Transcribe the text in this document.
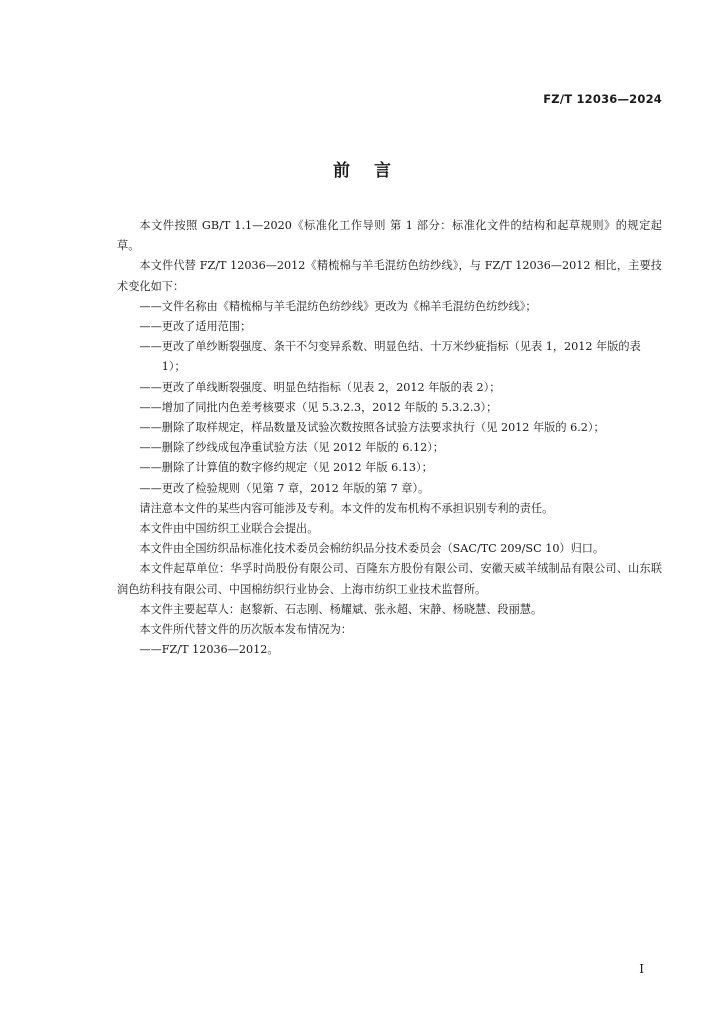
FZ/T 12036—2024
前言

本文件按照 GB/T 1.1—2020《标准化工作导则 第 1 部分：标准化文件的结构和起草规则》的规定起草。

本文件代替 FZ/T 12036—2012《精梳棉与羊毛混纺色纺纱线》，与 FZ/T 12036—2012 相比，主要技术变化如下：

——文件名称由《精梳棉与羊毛混纺色纺纱线》更改为《棉羊毛混纺色纺纱线》；

——更改了适用范围；

——更改了单纱断裂强度、条干不匀变异系数、明显色结、十万米纱疵指标（见表 1，2012 年版的表 1）；

——更改了单线断裂强度、明显色结指标（见表 2，2012 年版的表 2）；

——增加了同批内色差考核要求（见 5.3.2.3，2012 年版的 5.3.2.3）；

——删除了取样规定，样品数量及试验次数按照各试验方法要求执行（见 2012 年版的 6.2）；

——删除了纱线成包净重试验方法（见 2012 年版的 6.12）；

——删除了计算值的数字修约规定（见 2012 年版 6.13）；

——更改了检验规则（见第 7 章，2012 年版的第 7 章）。

请注意本文件的某些内容可能涉及专利。本文件的发布机构不承担识别专利的责任。

本文件由中国纺织工业联合会提出。

本文件由全国纺织品标准化技术委员会棉纺织品分技术委员会（SAC/TC 209/SC 10）归口。

本文件起草单位：华孚时尚股份有限公司、百隆东方股份有限公司、安徽天威羊绒制品有限公司、山东联润色纺科技有限公司、中国棉纺织行业协会、上海市纺织工业技术监督所。

本文件主要起草人：赵黎新、石志刚、杨耀斌、张永超、宋静、杨晓慧、段丽慧。

本文件所代替文件的历次版本发布情况为：

——FZ/T 12036—2012。

I
